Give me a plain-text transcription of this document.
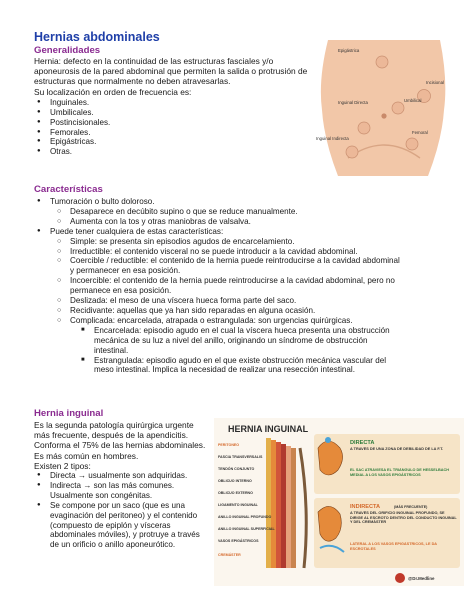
Hernias abdominales
Generalidades
Hernia: defecto en la continuidad de las estructuras fasciales y/o aponeurosis de la pared abdominal que permiten la salida o protrusión de estructuras que normalmente no deben atravesarlas.
Su localización en orden de frecuencia es:
● Inguinales.
● Umbilicales.
● Postincisionales.
● Femorales.
● Epigástricas.
● Otras.
Epigástrica
Incisional
Umbilical
Inguinal Directa
Femoral
Inguinal Indirecta
Características
● Tumoración o bulto doloroso.
○ Desaparece en decúbito supino o que se reduce manualmente.
○ Aumenta con la tos y otras maniobras de valsalva.
● Puede tener cualquiera de estas características:
○ Simple: se presenta sin episodios agudos de encarcelamiento.
○ Irreductible: el contenido visceral no se puede introducir a la cavidad abdominal.
○ Coercible / reductible: el contenido de la hernia puede reintroducirse a la cavidad abdominal
y permanecer en esa posición.
○ Incoercible: el contenido de la hernia puede reintroducirse a la cavidad abdominal, pero no
permanece en esa posición.
○ Deslizada: el meso de una víscera hueca forma parte del saco.
○ Recidivante: aquellas que ya han sido reparadas en alguna ocasión.
○ Complicada: encarcelada, atrapada o estrangulada: son urgencias quirúrgicas.
■ Encarcelada: episodio agudo en el cual la víscera hueca presenta una obstrucción
mecánica de su luz a nivel del anillo, originando un síndrome de obstrucción
intestinal.
■ Estrangulada: episodio agudo en el que existe obstrucción mecánica vascular del
meso intestinal. Implica la necesidad de realizar una resección intestinal.
Hernia inguinal
Es la segunda patología quirúrgica urgente más frecuente, después de la apendicitis.
Conforma el 75% de las hernias abdominales.
Es más común en hombres.
Existen 2 tipos:
● Directa → usualmente son adquiridas.
● Indirecta → son las más comunes. Usualmente son congénitas.
● Se compone por un saco (que es una evaginación del peritoneo) y el contenido (compuesto de epiplón y vísceras abdominales móviles), y protruye a través de un orificio o anillo aponeurótico.
HERNIA INGUINAL
PERITONEO
FASCIA TRANSVERSALIS
TENDÓN CONJUNTO
OBLICUO INTERNO
OBLICUO EXTERNO
LIGAMENTO INGUINAL
ANILLO INGUINAL PROFUNDO
ANILLO INGUINAL SUPERFICIAL
VASOS EPIGÁSTRICOS
CREMÁSTER
DIRECTA
A TRAVÉS DE UNA ZONA DE DEBILIDAD DE LA F.T.
EL SAC ATRAVIESA EL TRIÁNGULO DE HESSELBACH MEDIAL A LOS VASOS EPIGÁSTRICOS
INDIRECTA	(MÁS FRECUENTE)
A TRAVÉS DEL ORIFICIO INGUINAL PROFUNDO, SE DIRIGE AL ESCROTO DENTRO DEL CONDUCTO INGUINAL Y DEL CREMÁSTER
LATERAL A LOS VASOS EPIGÁSTRICOS, LE DA ESCROTALES
@Dr.Medline
